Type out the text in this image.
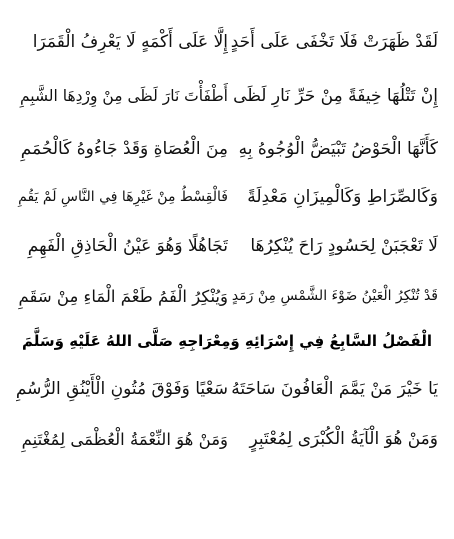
لَقَدْ ظَهَرَتْ فَلَا تَخْفَى عَلَى أَحَدٍ
إِلَّا عَلَى أَكْمَهٍ لَا يَعْرِفُ الْقَمَرَا
إِنْ تَتْلُهَا خِيفَةً مِنْ حَرِّ نَارِ لَظَى
أَطْفَأْتَ نَارَ لَظَى مِنْ وِرْدِهَا الشَّبِمِ
كَأَنَّهَا الْحَوْضُ تَبْيَضُّ الْوُجُوهُ بِهِ
مِنَ الْعُصَاةِ وَقَدْ جَاءُوهُ كَالْحُمَمِ
وَكَالصِّرَاطِ وَكَالْمِيزَانِ مَعْدِلَةً
فَالْقِسْطُ مِنْ غَيْرِهَا فِي النَّاسِ لَمْ يَقُمِ
لَا تَعْجَبَنْ لِحَسُودٍ رَاحَ يُنْكِرُهَا
تَجَاهُلًا وَهُوَ عَيْنُ الْحَاذِقِ الْفَهِمِ
قَدْ تُنْكِرُ الْعَيْنُ ضَوْءَ الشَّمْسِ مِنْ رَمَدٍ
وَيُنْكِرُ الْفَمُ طَعْمَ الْمَاءِ مِنْ سَقَمِ
الْفَصْلُ السَّابِعُ فِي إِسْرَائِهِ وَمِعْرَاجِهِ صَلَّى اللهُ عَلَيْهِ وَسَلَّمَ
يَا خَيْرَ مَنْ يَمَّمَ الْعَافُونَ سَاحَتَهُ
سَعْيًا وَفَوْقَ مُتُونِ الْأَيْنُقِ الرُّسُمِ
وَمَنْ هُوَ الْآيَةُ الْكُبْرَى لِمُعْتَبِرٍ
وَمَنْ هُوَ النِّعْمَةُ الْعُظْمَى لِمُغْتَنِمِ
